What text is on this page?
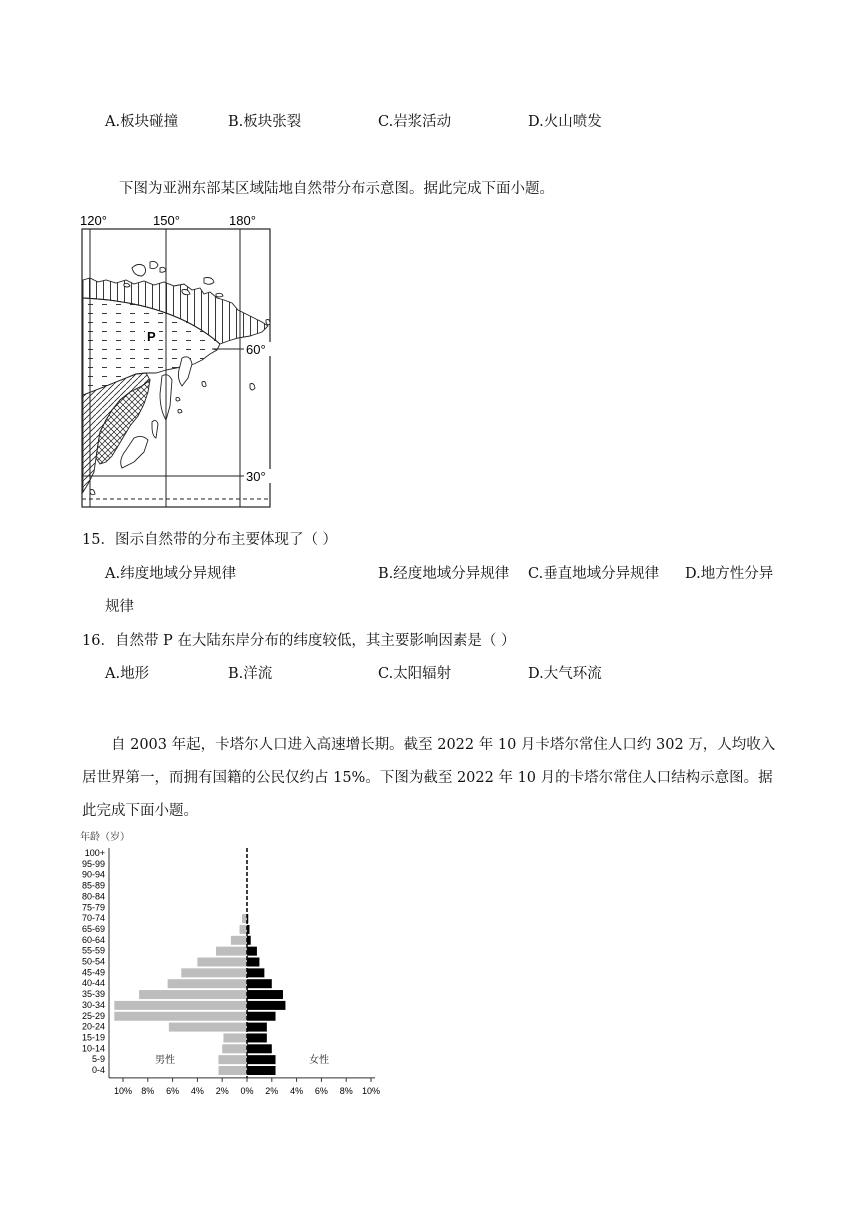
A.板块碰撞	B.板块张裂	C.岩浆活动	D.火山喷发
下图为亚洲东部某区域陆地自然带分布示意图。据此完成下面小题。
120°	150°	180°
60°
30°
P
15．图示自然带的分布主要体现了（ ）
A.纬度地域分异规律	B.经度地域分异规律 C.垂直地域分异规律 D.地方性分异
规律
16．自然带 P 在大陆东岸分布的纬度较低，其主要影响因素是（ ）
A.地形	B.洋流	C.太阳辐射	D.大气环流
自 2003 年起，卡塔尔人口进入高速增长期。截至 2022 年 10 月卡塔尔常住人口约 302 万，人均收入居世界第一，而拥有国籍的公民仅约占 15%。下图为截至 2022 年 10 月的卡塔尔常住人口结构示意图。据此完成下面小题。
年龄（岁）
100+
95-99
90-94
85-89
80-84
75-79
70-74
65-69
60-64
55-59
50-54
45-49
40-44
35-39
30-34
25-29
20-24
15-19
10-14
5-9
0-4
10% 8% 6% 4% 2% 0% 2% 4% 6% 8% 10%
男性	女性
